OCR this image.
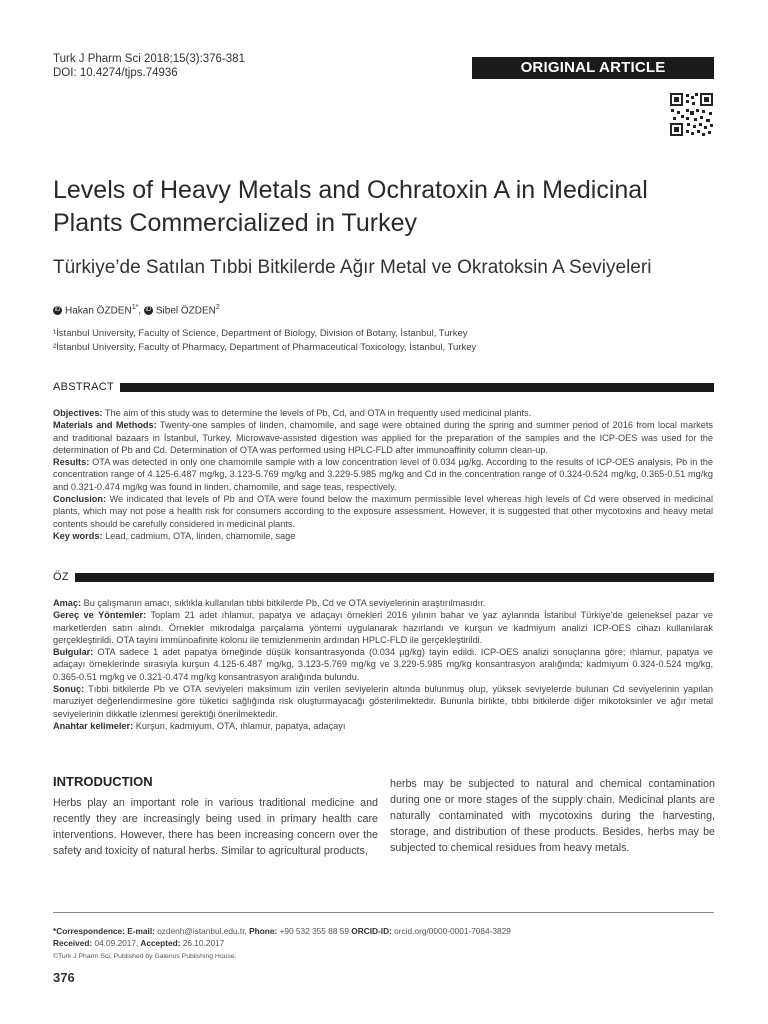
Turk J Pharm Sci 2018;15(3):376-381
DOI: 10.4274/tjps.74936	ORIGINAL ARTICLE
Levels of Heavy Metals and Ochratoxin A in Medicinal Plants Commercialized in Turkey
Türkiye’de Satılan Tıbbi Bitkilerde Ağır Metal ve Okratoksin A Seviyeleri
iD Hakan $ÖZDEN^{1*}$, iD Sibel ÖZDEN$^2$
¹İstanbul University, Faculty of Science, Department of Biology, Division of Botany, İstanbul, Turkey
²İstanbul University, Faculty of Pharmacy, Department of Pharmaceutical Toxicology, İstanbul, Turkey
ABSTRACT

Objectives: The aim of this study was to determine the levels of Pb, Cd, and OTA in frequently used medicinal plants.

Materials and Methods: Twenty-one samples of linden, chamomile, and sage were obtained during the spring and summer period of 2016 from local markets and traditional bazaars in İstanbul, Turkey. Microwave-assisted digestion was applied for the preparation of the samples and the ICP-OES was used for the determination of Pb and Cd. Determination of OTA was performed using HPLC-FLD after immunoaffinity column clean-up.

Results: OTA was detected in only one chamomile sample with a low concentration level of 0.034 µg/kg. According to the results of ICP-OES analysis, Pb in the concentration range of 4.125-6.487 mg/kg, 3.123-5.769 mg/kg and 3.229-5.985 mg/kg and Cd in the concentration range of 0.324-0.524 mg/kg, 0.365-0.51 mg/kg and 0.321-0.474 mg/kg was found in linden, chamomile, and sage teas, respectively.

Conclusion: We indicated that levels of Pb and OTA were found below the maximum permissible level whereas high levels of Cd were observed in medicinal plants, which may not pose a health risk for consumers according to the exposure assessment. However, it is suggested that other mycotoxins and heavy metal contents should be carefully considered in medicinal plants.

Key words: Lead, cadmium, OTA, linden, chamomile, sage

ÖZ

Amaç: Bu çalışmanın amacı, sıklıkla kullanılan tıbbi bitkilerde Pb, Cd ve OTA seviyelerinin araştırılmasıdır.

Gereç ve Yöntemler: Toplam 21 adet ıhlamur, papatya ve adaçayı örnekleri 2016 yılının bahar ve yaz aylarında İstanbul Türkiye’de geleneksel pazar ve marketlerden satın alındı. Örnekler mikrodalga parçalama yöntemi uygulanarak hazırlandı ve kurşun ve kadmiyum analizi ICP-OES cihazı kullanılarak gerçekleştirildi. OTA tayini immünoafinite kolonu ile temizlenmenin ardından HPLC-FLD ile gerçekleştirildi.

Bulgular: OTA sadece 1 adet papatya örneğinde düşük konsantrasyonda (0.034 µg/kg) tayin edildi. ICP-OES analizi sonuçlarına göre; ıhlamur, papatya ve adaçayı örneklerinde sırasıyla kurşun 4.125-6.487 mg/kg, 3.123-5.769 mg/kg ve 3.229-5.985 mg/kg konsantrasyon aralığında; kadmiyum 0.324-0.524 mg/kg, 0.365-0.51 mg/kg ve 0.321-0.474 mg/kg konsantrasyon aralığında bulundu.

Sonuç: Tıbbi bitkilerde Pb ve OTA seviyeleri maksimum izin verilen seviyelerin altında bulunmuş olup, yüksek seviyelerde bulunan Cd seviyelerinin yapılan maruziyet değerlendirmesine göre tüketici sağlığında risk oluşturmayacağı gösterilmektedir. Bununla birlikte, tıbbi bitkilerde diğer mikotoksinler ve ağır metal seviyelerinin dikkatle izlenmesi gerektiği önerilmektedir.

Anahtar kelimeler: Kurşun, kadmiyum, OTA, ıhlamur, papatya, adaçayı

INTRODUCTION
Herbs play an important role in various traditional medicine and recently they are increasingly being used in primary health care interventions. However, there has been increasing concern over the safety and toxicity of natural herbs. Similar to agricultural products,
herbs may be subjected to natural and chemical contamination during one or more stages of the supply chain. Medicinal plants are naturally contaminated with mycotoxins during the harvesting, storage, and distribution of these products. Besides, herbs may be subjected to chemical residues from heavy metals.
*Correspondence: E-mail: ozdenh@istanbul.edu.tr, Phone: +90 532 355 88 59 ORCID-ID: orcid.org/0000-0001-7084-3829
Received: 04.09.2017, Accepted: 26.10.2017
©Turk J Pharm Sci, Published by Galenos Publishing House.
376
